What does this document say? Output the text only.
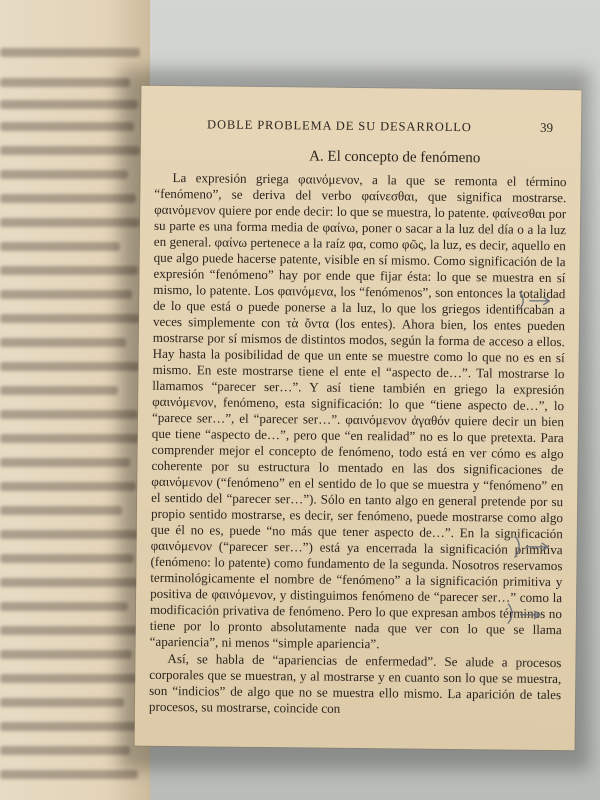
DOBLE PROBLEMA DE SU DESARROLLO	39
A. El concepto de fenómeno

La expresión griega φαινόμενον, a la que se remonta el término “fenómeno”, se deriva del verbo φαίνεσθαι, que significa mostrarse. φαινόμενον quiere por ende decir: lo que se muestra, lo patente. φαίνεσθαι por su parte es una forma media de φαίνω, poner o sacar a la luz del día o a la luz en general. φαίνω pertenece a la raíz φα, como φῶς, la luz, es decir, aquello en que algo puede hacerse patente, visible en sí mismo. Como significación de la expresión “fenómeno” hay por ende que fijar ésta: lo que se muestra en sí mismo, lo patente. Los φαινόμενα, los “fenómenos”, son entonces la totalidad de lo que está o puede ponerse a la luz, lo que los griegos identificaban a veces simplemente con τὰ ὄντα (los entes). Ahora bien, los entes pueden mostrarse por sí mismos de distintos modos, según la forma de acceso a ellos. Hay hasta la posibilidad de que un ente se muestre como lo que no es en sí mismo. En este mostrarse tiene el ente el “aspecto de…”. Tal mostrarse lo llamamos “parecer ser…”. Y así tiene también en griego la expresión φαινόμενον, fenómeno, esta significación: lo que “tiene aspecto de…”, lo “parece ser…”, el “parecer ser…”. φαινόμενον ἀγαθόν quiere decir un bien que tiene “aspecto de…”, pero que “en realidad” no es lo que pretexta. Para comprender mejor el concepto de fenómeno, todo está en ver cómo es algo coherente por su estructura lo mentado en las dos significaciones de φαινόμενον (“fenómeno” en el sentido de lo que se muestra y “fenómeno” en el sentido del “parecer ser…”). Sólo en tanto algo en general pretende por su propio sentido mostrarse, es decir, ser fenómeno, puede mostrarse como algo que él no es, puede “no más que tener aspecto de…”. En la significación φαινόμενον (“parecer ser…”) está ya encerrada la significación primitiva (fenómeno: lo patente) como fundamento de la segunda. Nosotros reservamos terminológicamente el nombre de “fenómeno” a la significación primitiva y positiva de φαινόμενον, y distinguimos fenómeno de “parecer ser…” como la modificación privativa de fenómeno. Pero lo que expresan ambos términos no tiene por lo pronto absolutamente nada que ver con lo que se llama “apariencia”, ni menos “simple apariencia”.

Así, se habla de “apariencias de enfermedad”. Se alude a procesos corporales que se muestran, y al mostrarse y en cuanto son lo que se muestra, son “indicios” de algo que no se muestra ello mismo. La aparición de tales procesos, su mostrarse, coincide con
